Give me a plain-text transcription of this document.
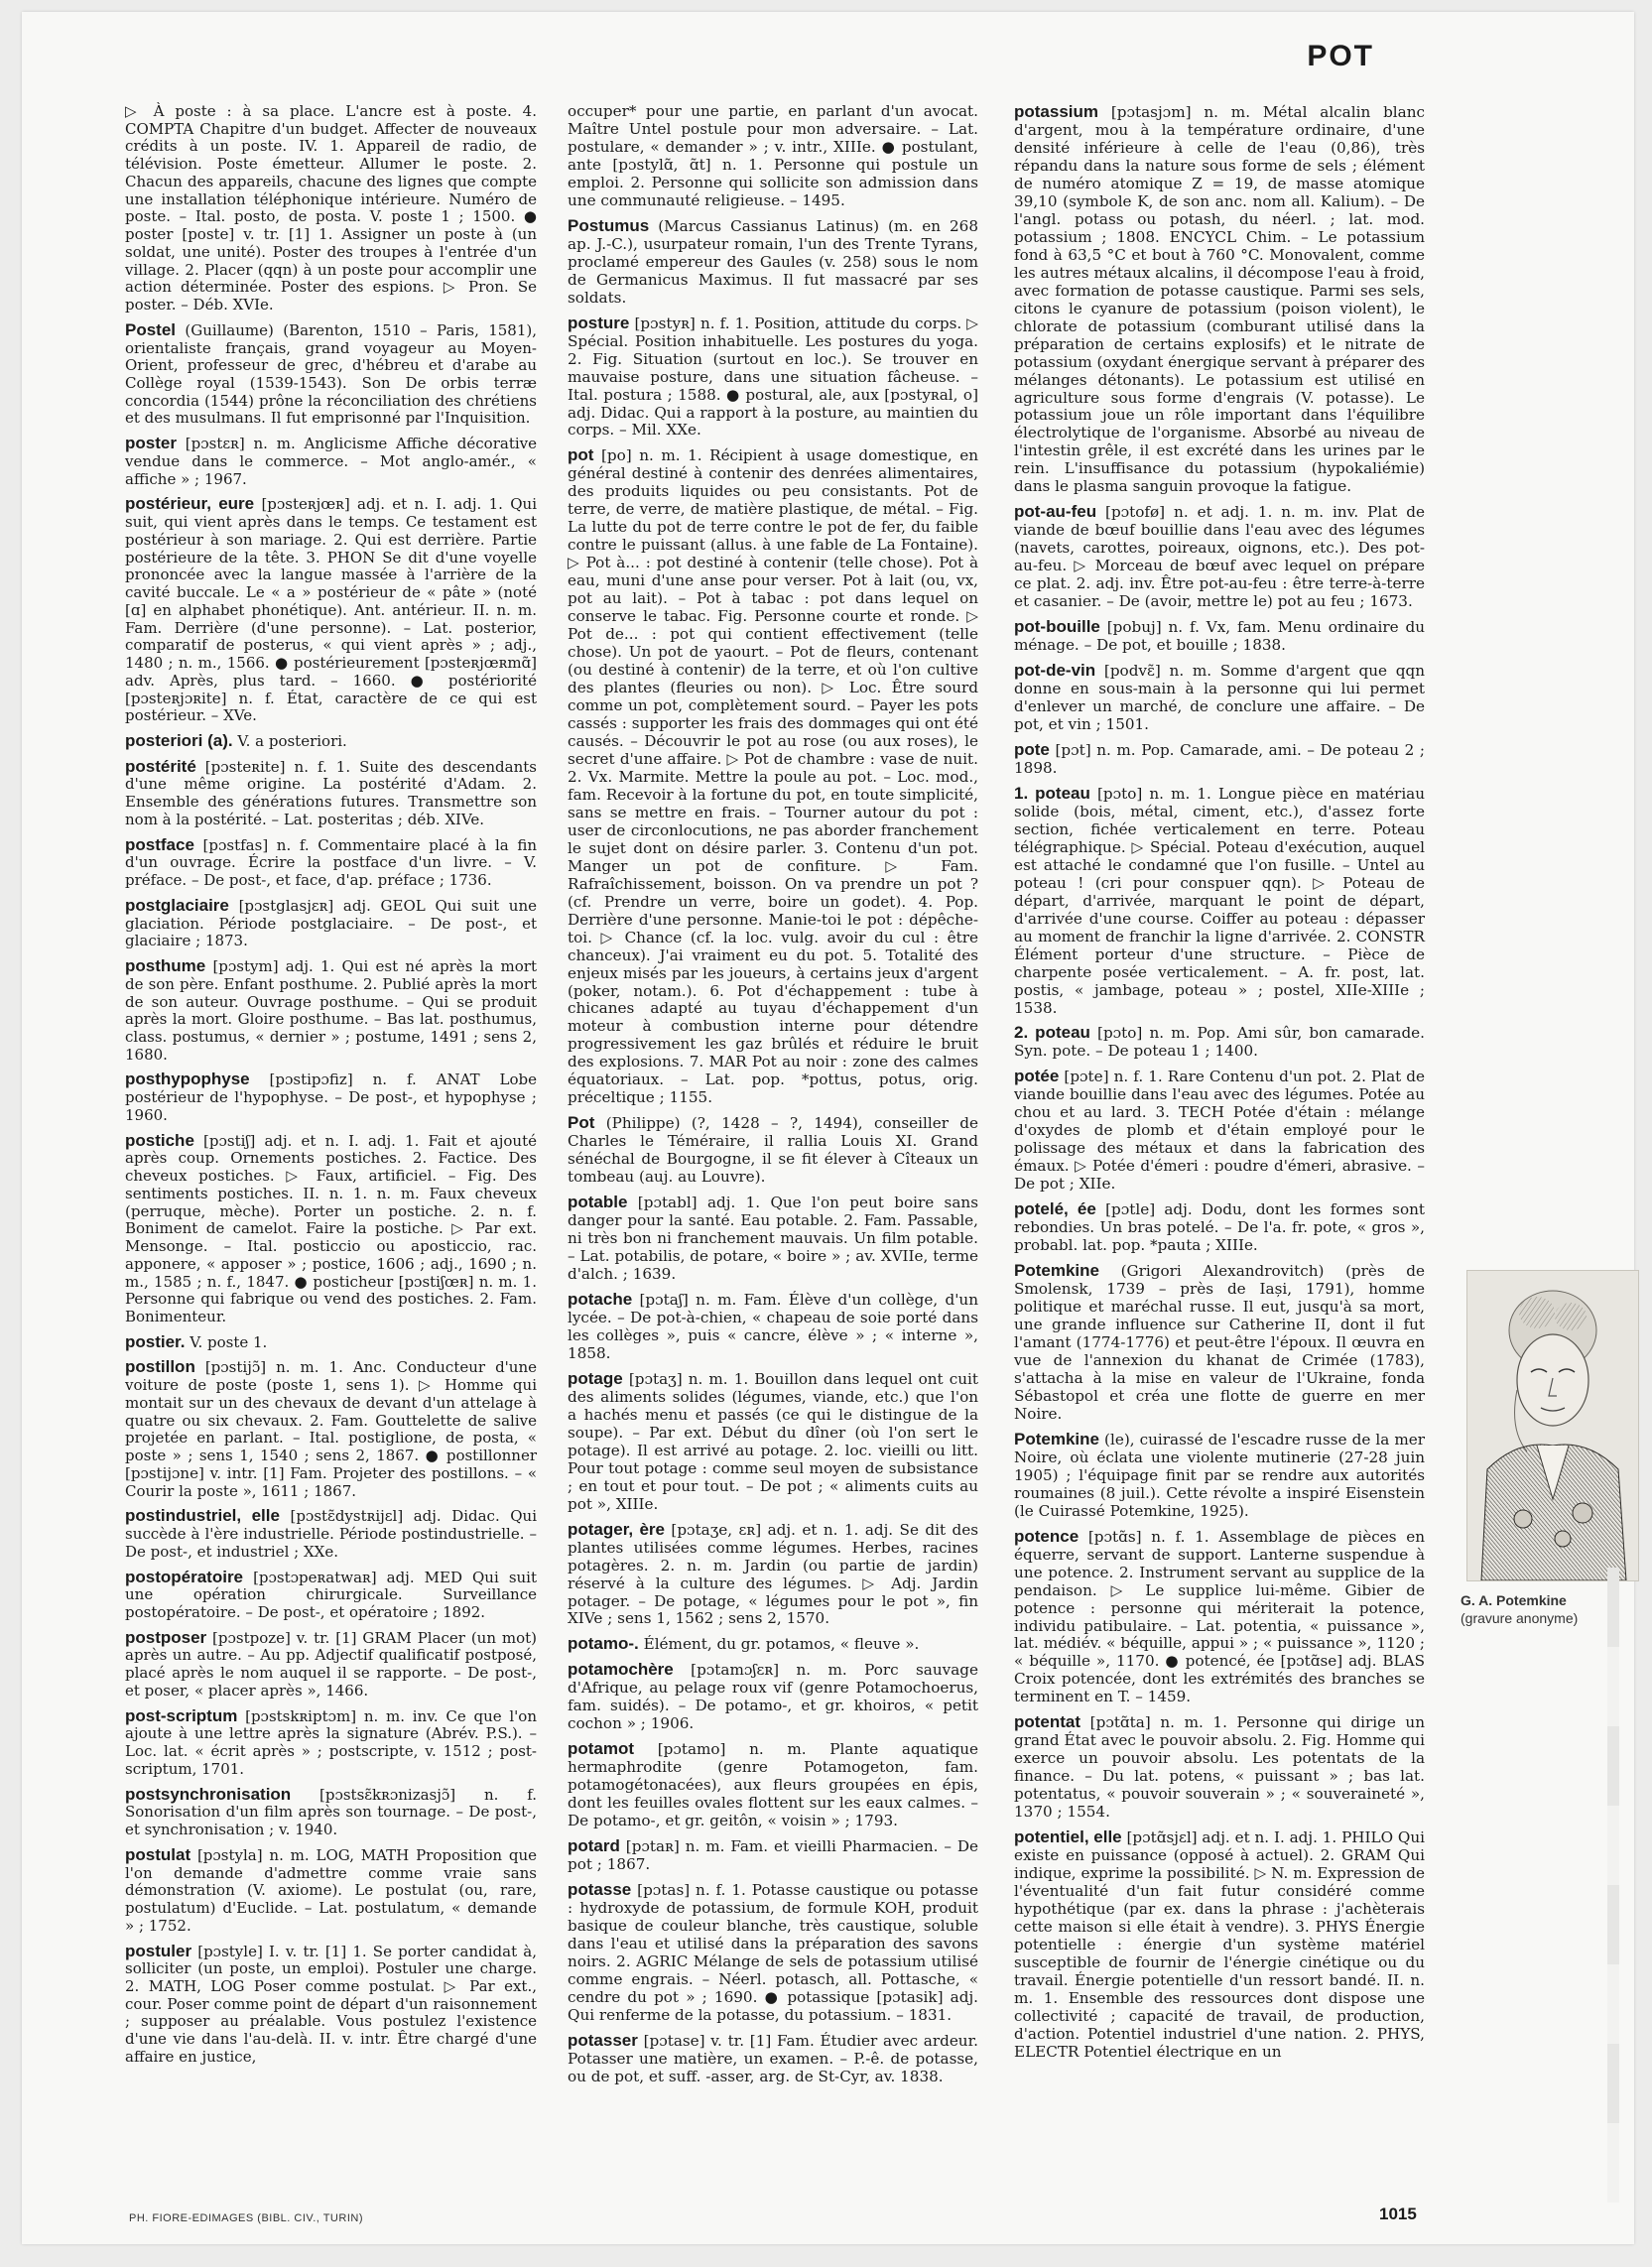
POT
▷ À poste : à sa place. L'ancre est à poste. 4. COMPTA Chapitre d'un budget. Affecter de nouveaux crédits à un poste. IV. 1. Appareil de radio, de télévision. Poste émetteur. Allumer le poste. 2. Chacun des appareils, chacune des lignes que compte une installation téléphonique intérieure. Numéro de poste. – Ital. posto, de posta. V. poste 1 ; 1500. ● poster [poste] v. tr. [1] 1. Assigner un poste à (un soldat, une unité). Poster des troupes à l'entrée d'un village. 2. Placer (qqn) à un poste pour accomplir une action déterminée. Poster des espions. ▷ Pron. Se poster. – Déb. XVIe.
Postel (Guillaume) (Barenton, 1510 – Paris, 1581), orientaliste français, grand voyageur au Moyen-Orient, professeur de grec, d'hébreu et d'arabe au Collège royal (1539-1543). Son De orbis terræ concordia (1544) prône la réconciliation des chrétiens et des musulmans. Il fut emprisonné par l'Inquisition.
poster [pɔstɛʀ] n. m. Anglicisme Affiche décorative vendue dans le commerce. – Mot anglo-amér., « affiche » ; 1967.
postérieur, eure [pɔsteʀjœʀ] adj. et n. I. adj. 1. Qui suit, qui vient après dans le temps. Ce testament est postérieur à son mariage. 2. Qui est derrière. Partie postérieure de la tête. 3. PHON Se dit d'une voyelle prononcée avec la langue massée à l'arrière de la cavité buccale. Le « a » postérieur de « pâte » (noté [ɑ] en alphabet phonétique). Ant. antérieur. II. n. m. Fam. Derrière (d'une personne). – Lat. posterior, comparatif de posterus, « qui vient après » ; adj., 1480 ; n. m., 1566. ● postérieurement [pɔsteʀjœʀmɑ̃] adv. Après, plus tard. – 1660. ● postériorité [pɔsteʀjɔʀite] n. f. État, caractère de ce qui est postérieur. – XVe.
posteriori (a). V. a posteriori.
postérité [pɔsteʀite] n. f. 1. Suite des descendants d'une même origine. La postérité d'Adam. 2. Ensemble des générations futures. Transmettre son nom à la postérité. – Lat. posteritas ; déb. XIVe.
postface [pɔstfas] n. f. Commentaire placé à la fin d'un ouvrage. Écrire la postface d'un livre. – V. préface. – De post-, et face, d'ap. préface ; 1736.
postglaciaire [pɔstglasjɛʀ] adj. GEOL Qui suit une glaciation. Période postglaciaire. – De post-, et glaciaire ; 1873.
posthume [pɔstym] adj. 1. Qui est né après la mort de son père. Enfant posthume. 2. Publié après la mort de son auteur. Ouvrage posthume. – Qui se produit après la mort. Gloire posthume. – Bas lat. posthumus, class. postumus, « dernier » ; postume, 1491 ; sens 2, 1680.
posthypophyse [pɔstipɔfiz] n. f. ANAT Lobe postérieur de l'hypophyse. – De post-, et hypophyse ; 1960.
postiche [pɔstiʃ] adj. et n. I. adj. 1. Fait et ajouté après coup. Ornements postiches. 2. Factice. Des cheveux postiches. ▷ Faux, artificiel. – Fig. Des sentiments postiches. II. n. 1. n. m. Faux cheveux (perruque, mèche). Porter un postiche. 2. n. f. Boniment de camelot. Faire la postiche. ▷ Par ext. Mensonge. – Ital. posticcio ou aposticcio, rac. apponere, « apposer » ; postice, 1606 ; adj., 1690 ; n. m., 1585 ; n. f., 1847. ● posticheur [pɔstiʃœʀ] n. m. 1. Personne qui fabrique ou vend des postiches. 2. Fam. Bonimenteur.
postier. V. poste 1.
postillon [pɔstijɔ̃] n. m. 1. Anc. Conducteur d'une voiture de poste (poste 1, sens 1). ▷ Homme qui montait sur un des chevaux de devant d'un attelage à quatre ou six chevaux. 2. Fam. Gouttelette de salive projetée en parlant. – Ital. postiglione, de posta, « poste » ; sens 1, 1540 ; sens 2, 1867. ● postillonner [pɔstijɔne] v. intr. [1] Fam. Projeter des postillons. – « Courir la poste », 1611 ; 1867.
postindustriel, elle [pɔstɛ̃dystʀijɛl] adj. Didac. Qui succède à l'ère industrielle. Période postindustrielle. – De post-, et industriel ; XXe.
postopératoire [pɔstɔpeʀatwaʀ] adj. MED Qui suit une opération chirurgicale. Surveillance postopératoire. – De post-, et opératoire ; 1892.
postposer [pɔstpoze] v. tr. [1] GRAM Placer (un mot) après un autre. – Au pp. Adjectif qualificatif postposé, placé après le nom auquel il se rapporte. – De post-, et poser, « placer après », 1466.
post-scriptum [pɔstskʀiptɔm] n. m. inv. Ce que l'on ajoute à une lettre après la signature (Abrév. P.S.). – Loc. lat. « écrit après » ; postscripte, v. 1512 ; post-scriptum, 1701.
postsynchronisation [pɔstsɛ̃kʀɔnizasjɔ̃] n. f. Sonorisation d'un film après son tournage. – De post-, et synchronisation ; v. 1940.
postulat [pɔstyla] n. m. LOG, MATH Proposition que l'on demande d'admettre comme vraie sans démonstration (V. axiome). Le postulat (ou, rare, postulatum) d'Euclide. – Lat. postulatum, « demande » ; 1752.
postuler [pɔstyle] I. v. tr. [1] 1. Se porter candidat à, solliciter (un poste, un emploi). Postuler une charge. 2. MATH, LOG Poser comme postulat. ▷ Par ext., cour. Poser comme point de départ d'un raisonnement ; supposer au préalable. Vous postulez l'existence d'une vie dans l'au-delà. II. v. intr. Être chargé d'une affaire en justice,
occuper* pour une partie, en parlant d'un avocat. Maître Untel postule pour mon adversaire. – Lat. postulare, « demander » ; v. intr., XIIIe. ● postulant, ante [pɔstylɑ̃, ɑ̃t] n. 1. Personne qui postule un emploi. 2. Personne qui sollicite son admission dans une communauté religieuse. – 1495.
Postumus (Marcus Cassianus Latinus) (m. en 268 ap. J.-C.), usurpateur romain, l'un des Trente Tyrans, proclamé empereur des Gaules (v. 258) sous le nom de Germanicus Maximus. Il fut massacré par ses soldats.
posture [pɔstyʀ] n. f. 1. Position, attitude du corps. ▷ Spécial. Position inhabituelle. Les postures du yoga. 2. Fig. Situation (surtout en loc.). Se trouver en mauvaise posture, dans une situation fâcheuse. – Ital. postura ; 1588. ● postural, ale, aux [pɔstyʀal, o] adj. Didac. Qui a rapport à la posture, au maintien du corps. – Mil. XXe.
pot [po] n. m. 1. Récipient à usage domestique, en général destiné à contenir des denrées alimentaires, des produits liquides ou peu consistants. Pot de terre, de verre, de matière plastique, de métal. – Fig. La lutte du pot de terre contre le pot de fer, du faible contre le puissant (allus. à une fable de La Fontaine). ▷ Pot à... : pot destiné à contenir (telle chose). Pot à eau, muni d'une anse pour verser. Pot à lait (ou, vx, pot au lait). – Pot à tabac : pot dans lequel on conserve le tabac. Fig. Personne courte et ronde. ▷ Pot de... : pot qui contient effectivement (telle chose). Un pot de yaourt. – Pot de fleurs, contenant (ou destiné à contenir) de la terre, et où l'on cultive des plantes (fleuries ou non). ▷ Loc. Être sourd comme un pot, complètement sourd. – Payer les pots cassés : supporter les frais des dommages qui ont été causés. – Découvrir le pot au rose (ou aux roses), le secret d'une affaire. ▷ Pot de chambre : vase de nuit. 2. Vx. Marmite. Mettre la poule au pot. – Loc. mod., fam. Recevoir à la fortune du pot, en toute simplicité, sans se mettre en frais. – Tourner autour du pot : user de circonlocutions, ne pas aborder franchement le sujet dont on désire parler. 3. Contenu d'un pot. Manger un pot de confiture. ▷ Fam. Rafraîchissement, boisson. On va prendre un pot ? (cf. Prendre un verre, boire un godet). 4. Pop. Derrière d'une personne. Manie-toi le pot : dépêche-toi. ▷ Chance (cf. la loc. vulg. avoir du cul : être chanceux). J'ai vraiment eu du pot. 5. Totalité des enjeux misés par les joueurs, à certains jeux d'argent (poker, notam.). 6. Pot d'échappement : tube à chicanes adapté au tuyau d'échappement d'un moteur à combustion interne pour détendre progressivement les gaz brûlés et réduire le bruit des explosions. 7. MAR Pot au noir : zone des calmes équatoriaux. – Lat. pop. *pottus, potus, orig. préceltique ; 1155.
Pot (Philippe) (?, 1428 – ?, 1494), conseiller de Charles le Téméraire, il rallia Louis XI. Grand sénéchal de Bourgogne, il se fit élever à Cîteaux un tombeau (auj. au Louvre).
potable [pɔtabl] adj. 1. Que l'on peut boire sans danger pour la santé. Eau potable. 2. Fam. Passable, ni très bon ni franchement mauvais. Un film potable. – Lat. potabilis, de potare, « boire » ; av. XVIIe, terme d'alch. ; 1639.
potache [pɔtaʃ] n. m. Fam. Élève d'un collège, d'un lycée. – De pot-à-chien, « chapeau de soie porté dans les collèges », puis « cancre, élève » ; « interne », 1858.
potage [pɔtaʒ] n. m. 1. Bouillon dans lequel ont cuit des aliments solides (légumes, viande, etc.) que l'on a hachés menu et passés (ce qui le distingue de la soupe). – Par ext. Début du dîner (où l'on sert le potage). Il est arrivé au potage. 2. loc. vieilli ou litt. Pour tout potage : comme seul moyen de subsistance ; en tout et pour tout. – De pot ; « aliments cuits au pot », XIIIe.
potager, ère [pɔtaʒe, ɛʀ] adj. et n. 1. adj. Se dit des plantes utilisées comme légumes. Herbes, racines potagères. 2. n. m. Jardin (ou partie de jardin) réservé à la culture des légumes. ▷ Adj. Jardin potager. – De potage, « légumes pour le pot », fin XIVe ; sens 1, 1562 ; sens 2, 1570.
potamo-. Élément, du gr. potamos, « fleuve ».
potamochère [pɔtamɔʃɛʀ] n. m. Porc sauvage d'Afrique, au pelage roux vif (genre Potamochoerus, fam. suidés). – De potamo-, et gr. khoiros, « petit cochon » ; 1906.
potamot [pɔtamo] n. m. Plante aquatique hermaphrodite (genre Potamogeton, fam. potamogétonacées), aux fleurs groupées en épis, dont les feuilles ovales flottent sur les eaux calmes. – De potamo-, et gr. geitôn, « voisin » ; 1793.
potard [pɔtaʀ] n. m. Fam. et vieilli Pharmacien. – De pot ; 1867.
potasse [pɔtas] n. f. 1. Potasse caustique ou potasse : hydroxyde de potassium, de formule KOH, produit basique de couleur blanche, très caustique, soluble dans l'eau et utilisé dans la préparation des savons noirs. 2. AGRIC Mélange de sels de potassium utilisé comme engrais. – Néerl. potasch, all. Pottasche, « cendre du pot » ; 1690. ● potassique [pɔtasik] adj. Qui renferme de la potasse, du potassium. – 1831.
potasser [pɔtase] v. tr. [1] Fam. Étudier avec ardeur. Potasser une matière, un examen. – P.-ê. de potasse, ou de pot, et suff. -asser, arg. de St-Cyr, av. 1838.
potassium [pɔtasjɔm] n. m. Métal alcalin blanc d'argent, mou à la température ordinaire, d'une densité inférieure à celle de l'eau (0,86), très répandu dans la nature sous forme de sels ; élément de numéro atomique Z = 19, de masse atomique 39,10 (symbole K, de son anc. nom all. Kalium). – De l'angl. potass ou potash, du néerl. ; lat. mod. potassium ; 1808. ENCYCL Chim. – Le potassium fond à 63,5 °C et bout à 760 °C. Monovalent, comme les autres métaux alcalins, il décompose l'eau à froid, avec formation de potasse caustique. Parmi ses sels, citons le cyanure de potassium (poison violent), le chlorate de potassium (comburant utilisé dans la préparation de certains explosifs) et le nitrate de potassium (oxydant énergique servant à préparer des mélanges détonants). Le potassium est utilisé en agriculture sous forme d'engrais (V. potasse). Le potassium joue un rôle important dans l'équilibre électrolytique de l'organisme. Absorbé au niveau de l'intestin grêle, il est excrété dans les urines par le rein. L'insuffisance du potassium (hypokaliémie) dans le plasma sanguin provoque la fatigue.
pot-au-feu [pɔtofø] n. et adj. 1. n. m. inv. Plat de viande de bœuf bouillie dans l'eau avec des légumes (navets, carottes, poireaux, oignons, etc.). Des pot-au-feu. ▷ Morceau de bœuf avec lequel on prépare ce plat. 2. adj. inv. Être pot-au-feu : être terre-à-terre et casanier. – De (avoir, mettre le) pot au feu ; 1673.
pot-bouille [pobuj] n. f. Vx, fam. Menu ordinaire du ménage. – De pot, et bouille ; 1838.
pot-de-vin [podvɛ̃] n. m. Somme d'argent que qqn donne en sous-main à la personne qui lui permet d'enlever un marché, de conclure une affaire. – De pot, et vin ; 1501.
pote [pɔt] n. m. Pop. Camarade, ami. – De poteau 2 ; 1898.
1. poteau [pɔto] n. m. 1. Longue pièce en matériau solide (bois, métal, ciment, etc.), d'assez forte section, fichée verticalement en terre. Poteau télégraphique. ▷ Spécial. Poteau d'exécution, auquel est attaché le condamné que l'on fusille. – Untel au poteau ! (cri pour conspuer qqn). ▷ Poteau de départ, d'arrivée, marquant le point de départ, d'arrivée d'une course. Coiffer au poteau : dépasser au moment de franchir la ligne d'arrivée. 2. CONSTR Élément porteur d'une structure. – Pièce de charpente posée verticalement. – A. fr. post, lat. postis, « jambage, poteau » ; postel, XIIe-XIIIe ; 1538.
2. poteau [pɔto] n. m. Pop. Ami sûr, bon camarade. Syn. pote. – De poteau 1 ; 1400.
potée [pɔte] n. f. 1. Rare Contenu d'un pot. 2. Plat de viande bouillie dans l'eau avec des légumes. Potée au chou et au lard. 3. TECH Potée d'étain : mélange d'oxydes de plomb et d'étain employé pour le polissage des métaux et dans la fabrication des émaux. ▷ Potée d'émeri : poudre d'émeri, abrasive. – De pot ; XIIe.
potelé, ée [pɔtle] adj. Dodu, dont les formes sont rebondies. Un bras potelé. – De l'a. fr. pote, « gros », probabl. lat. pop. *pauta ; XIIIe.
Potemkine (Grigori Alexandrovitch) (près de Smolensk, 1739 – près de Iași, 1791), homme politique et maréchal russe. Il eut, jusqu'à sa mort, une grande influence sur Catherine II, dont il fut l'amant (1774-1776) et peut-être l'époux. Il œuvra en vue de l'annexion du khanat de Crimée (1783), s'attacha à la mise en valeur de l'Ukraine, fonda Sébastopol et créa une flotte de guerre en mer Noire.
Potemkine (le), cuirassé de l'escadre russe de la mer Noire, où éclata une violente mutinerie (27-28 juin 1905) ; l'équipage finit par se rendre aux autorités roumaines (8 juil.). Cette révolte a inspiré Eisenstein (le Cuirassé Potemkine, 1925).
potence [pɔtɑ̃s] n. f. 1. Assemblage de pièces en équerre, servant de support. Lanterne suspendue à une potence. 2. Instrument servant au supplice de la pendaison. ▷ Le supplice lui-même. Gibier de potence : personne qui mériterait la potence, individu patibulaire. – Lat. potentia, « puissance », lat. médiév. « béquille, appui » ; « puissance », 1120 ; « béquille », 1170. ● potencé, ée [pɔtɑ̃se] adj. BLAS Croix potencée, dont les extrémités des branches se terminent en T. – 1459.
potentat [pɔtɑ̃ta] n. m. 1. Personne qui dirige un grand État avec le pouvoir absolu. 2. Fig. Homme qui exerce un pouvoir absolu. Les potentats de la finance. – Du lat. potens, « puissant » ; bas lat. potentatus, « pouvoir souverain » ; « souveraineté », 1370 ; 1554.
potentiel, elle [pɔtɑ̃sjɛl] adj. et n. I. adj. 1. PHILO Qui existe en puissance (opposé à actuel). 2. GRAM Qui indique, exprime la possibilité. ▷ N. m. Expression de l'éventualité d'un fait futur considéré comme hypothétique (par ex. dans la phrase : j'achèterais cette maison si elle était à vendre). 3. PHYS Énergie potentielle : énergie d'un système matériel susceptible de fournir de l'énergie cinétique ou du travail. Énergie potentielle d'un ressort bandé. II. n. m. 1. Ensemble des ressources dont dispose une collectivité ; capacité de travail, de production, d'action. Potentiel industriel d'une nation. 2. PHYS, ELECTR Potentiel électrique en un
G. A. Potemkine
(gravure anonyme)
PH. FIORE-EDIMAGES (BIBL. CIV., TURIN)	1015
